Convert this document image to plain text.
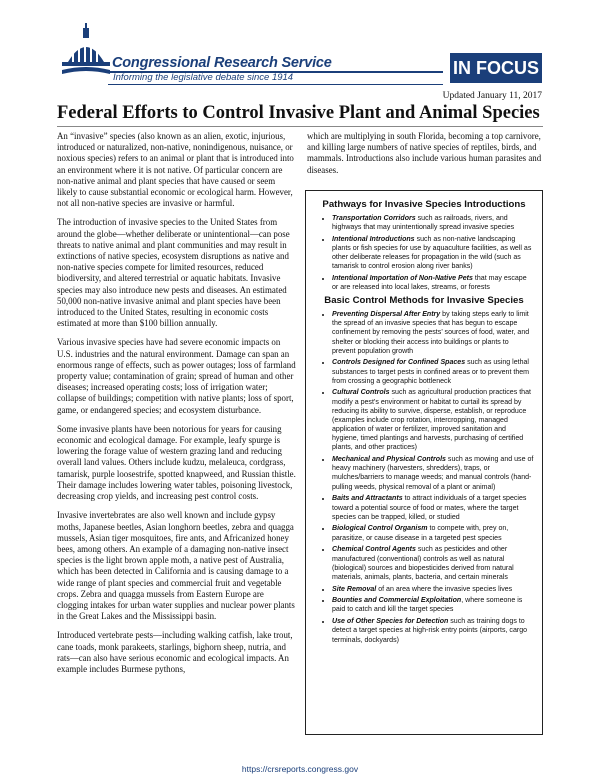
Congressional Research Service
Informing the legislative debate since 1914	IN FOCUS
Updated January 11, 2017
Federal Efforts to Control Invasive Plant and Animal Species

An “invasive” species (also known as an alien, exotic, injurious, introduced or naturalized, non-native, nonindigenous, nuisance, or noxious species) refers to an animal or plant that is introduced into an environment where it is not native. Of particular concern are non-native animal and plant species that have caused or seem likely to cause substantial economic or ecological harm. However, not all non-native species are invasive or harmful.

The introduction of invasive species to the United States from around the globe—whether deliberate or unintentional—can pose threats to native animal and plant communities and may result in extinctions of native species, ecosystem disruptions as native and non-native species compete for limited resources, reduced biodiversity, and altered terrestrial or aquatic habitats. Invasive species may also introduce new pests and diseases. An estimated 50,000 non-native invasive animal and plant species have been introduced to the United States, resulting in economic costs estimated at more than $100 billion annually.

Various invasive species have had severe economic impacts on U.S. industries and the natural environment. Damage can span an enormous range of effects, such as power outages; loss of farmland property value; contamination of grain; spread of human and other diseases; increased operating costs; loss of irrigation water; collapse of buildings; competition with native plants; loss of sport, game, or endangered species; and ecosystem disturbance.

Some invasive plants have been notorious for years for causing economic and ecological damage. For example, leafy spurge is lowering the forage value of western grazing land and reducing overall land values. Others include kudzu, melaleuca, cordgrass, tamarisk, purple loosestrife, spotted knapweed, and Russian thistle. Their damage includes lowering water tables, poisoning livestock, decreasing crop yields, and increasing pest control costs.

Invasive invertebrates are also well known and include gypsy moths, Japanese beetles, Asian longhorn beetles, zebra and quagga mussels, Asian tiger mosquitoes, fire ants, and Africanized honey bees, among others. An example of a damaging non-native insect species is the light brown apple moth, a native pest of Australia, which has been detected in California and is causing damage to a wide range of plant species and commercial fruit and vegetable crops. Zebra and quagga mussels from Eastern Europe are clogging intakes for urban water supplies and nuclear power plants in the Great Lakes and the Mississippi basin.

Introduced vertebrate pests—including walking catfish, lake trout, cane toads, monk parakeets, starlings, bighorn sheep, nutria, and rats—can also have serious economic and ecological impacts. An example includes Burmese pythons,

which are multiplying in south Florida, becoming a top carnivore, and killing large numbers of native species of reptiles, birds, and mammals. Introductions also include various human parasites and diseases.

Pathways for Invasive Species Introductions
• Transportation Corridors such as railroads, rivers, and highways that may unintentionally spread invasive species
• Intentional Introductions such as non-native landscaping plants or fish species for use by aquaculture facilities, as well as other deliberate releases for propagation in the wild (such as tamarisk to control erosion along river banks)
• Intentional Importation of Non-Native Pets that may escape or are released into local lakes, streams, or forests
Basic Control Methods for Invasive Species
• Preventing Dispersal After Entry by taking steps early to limit the spread of an invasive species that has begun to escape confinement by removing the pests’ sources of food, water, and shelter or blocking their access into buildings or plants to prevent population growth
• Controls Designed for Confined Spaces such as using lethal substances to target pests in confined areas or to prevent them from crossing a geographic bottleneck
• Cultural Controls such as agricultural production practices that modify a pest’s environment or habitat to curtail its spread by reducing its ability to survive, disperse, establish, or reproduce (examples include crop rotation, intercropping, managed application of water or fertilizer, improved sanitation and hygiene, timed plantings and harvests, purchasing of certified plants, and other practices)
• Mechanical and Physical Controls such as mowing and use of heavy machinery (harvesters, shredders), traps, or mulches/barriers to manage weeds; and manual controls (hand-pulling weeds, physical removal of a plant or animal)
• Baits and Attractants to attract individuals of a target species toward a potential source of food or mates, where the target species can be trapped, killed, or studied
• Biological Control Organism to compete with, prey on, parasitize, or cause disease in a targeted pest species
• Chemical Control Agents such as pesticides and other manufactured (conventional) controls as well as natural (biological) sources and biopesticides derived from natural materials, animals, plants, bacteria, and certain minerals
• Site Removal of an area where the invasive species lives
• Bounties and Commercial Exploitation, where someone is paid to catch and kill the target species
• Use of Other Species for Detection such as training dogs to detect a target species at high-risk entry points (airports, cargo terminals, dockyards)
https://crsreports.congress.gov
